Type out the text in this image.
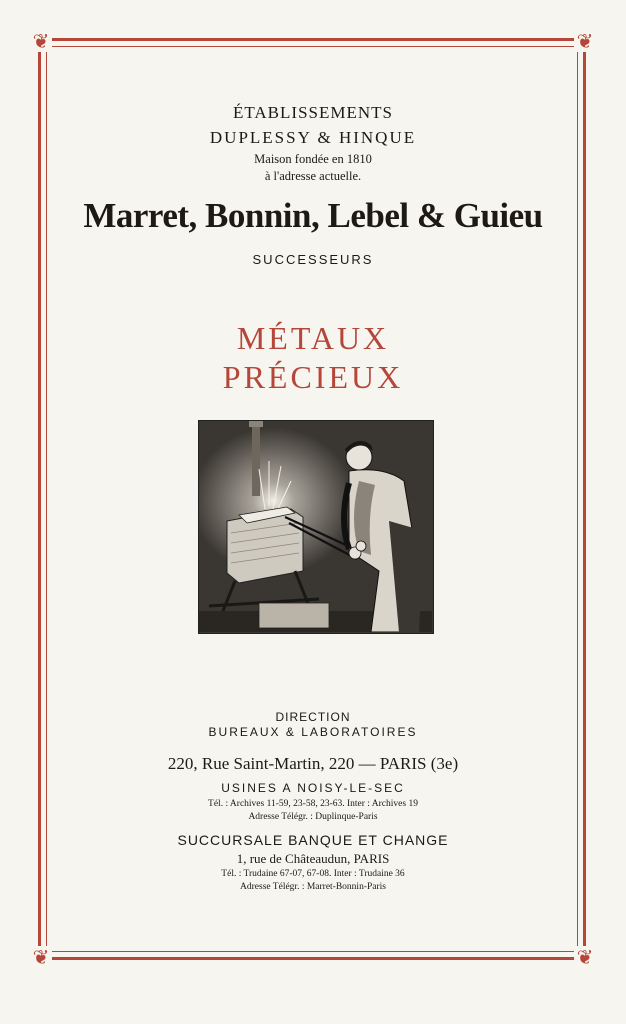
❦	❦
❦	❦
ÉTABLISSEMENTS
DUPLESSY & HINQUE
Maison fondée en 1810
à l'adresse actuelle.
Marret, Bonnin, Lebel & Guieu
SUCCESSEURS
MÉTAUX
PRÉCIEUX
DIRECTION
BUREAUX & LABORATOIRES
220, Rue Saint-Martin, 220 — PARIS (3e)
USINES A NOISY-LE-SEC
Tél. : Archives 11-59, 23-58, 23-63. Inter : Archives 19
Adresse Télégr. : Duplinque-Paris
SUCCURSALE BANQUE ET CHANGE
1, rue de Châteaudun, PARIS
Tél. : Trudaine 67-07, 67-08. Inter : Trudaine 36
Adresse Télégr. : Marret-Bonnin-Paris
